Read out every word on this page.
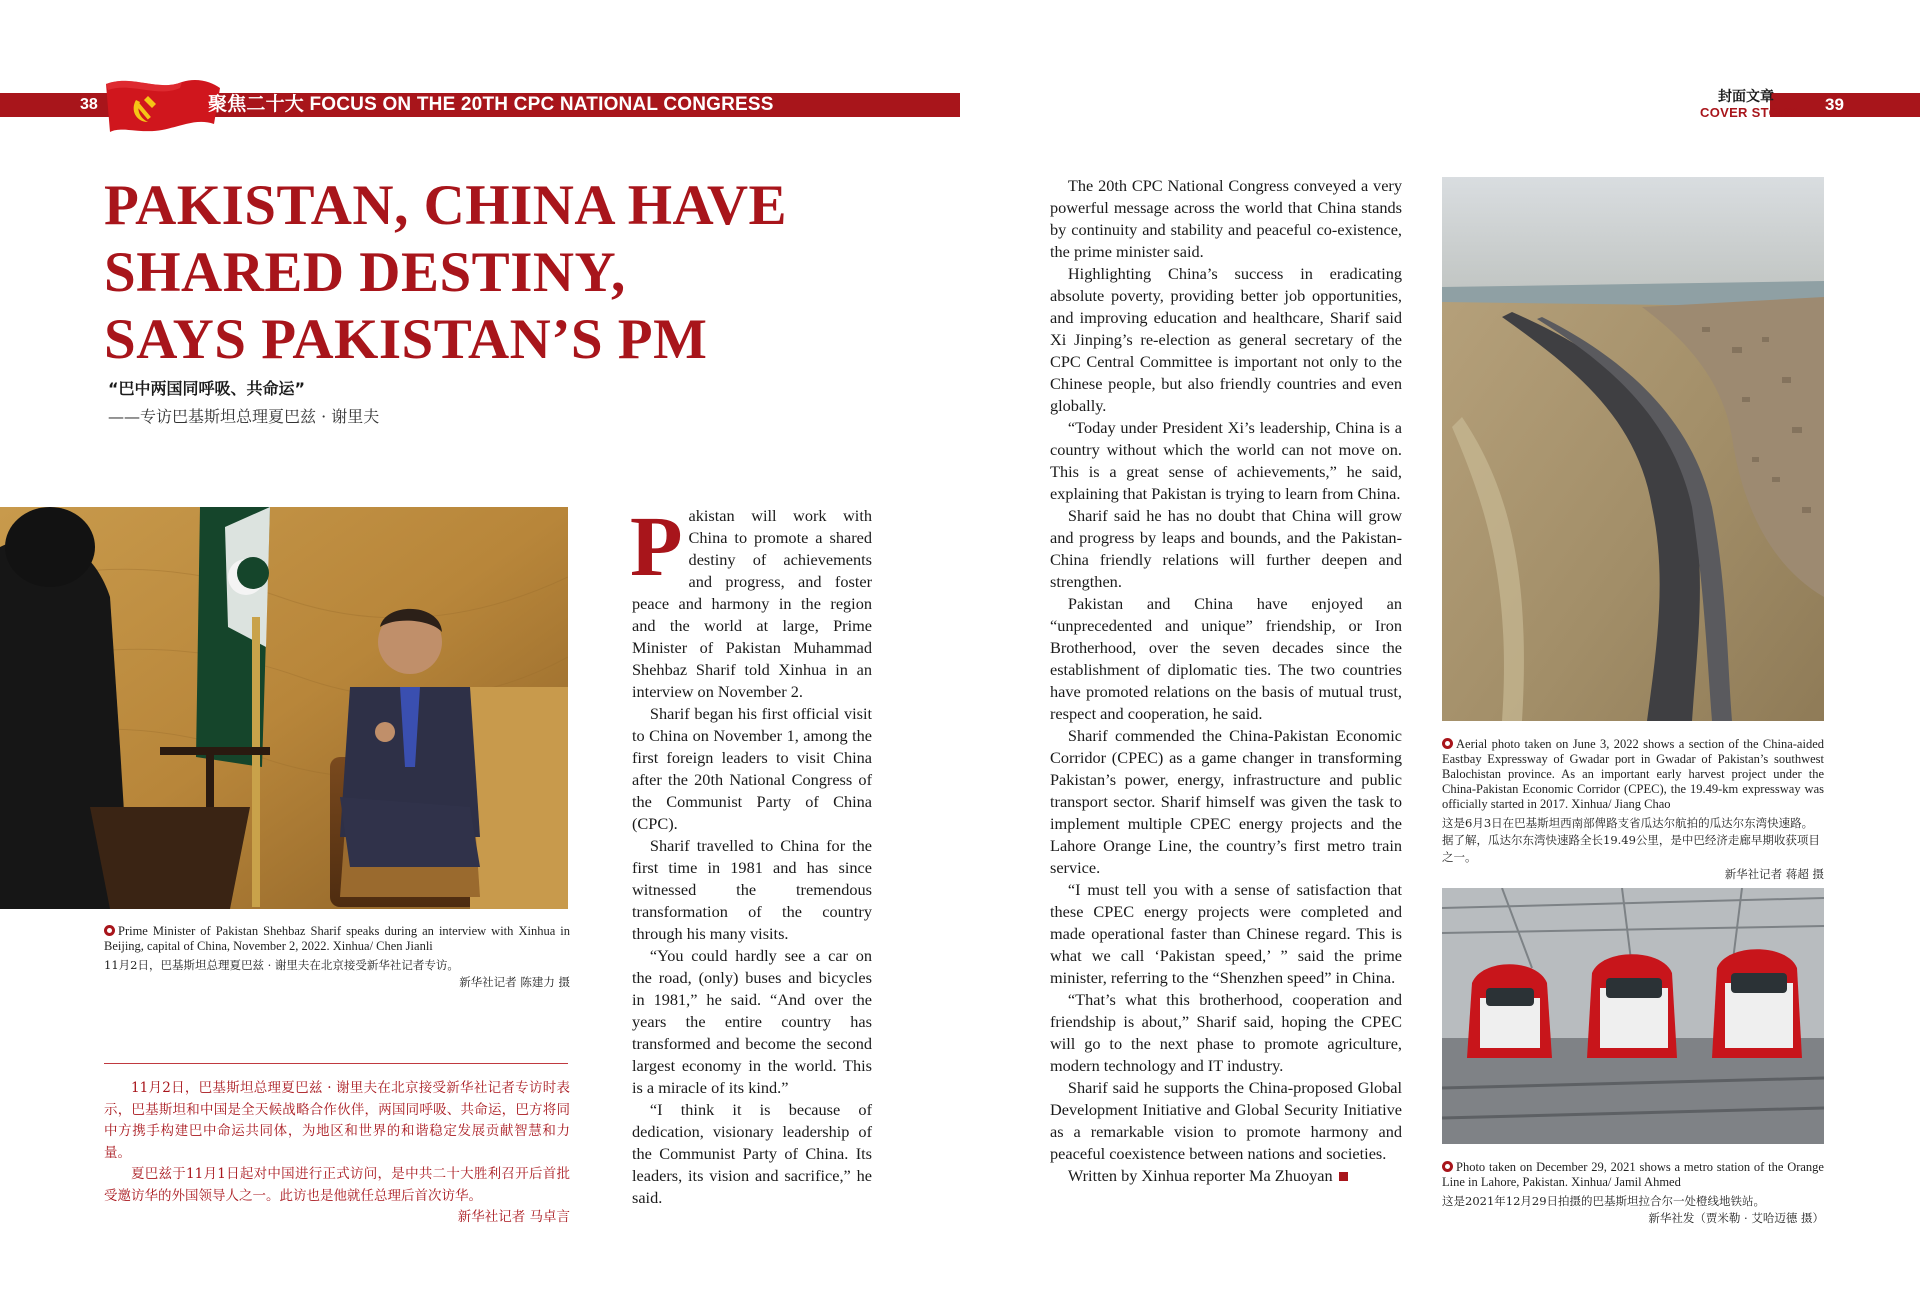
38	39
聚焦二十大 FOCUS ON THE 20TH CPC NATIONAL CONGRESS	封面文章
COVER STORY
PAKISTAN, CHINA HAVE
SHARED DESTINY,
SAYS PAKISTAN’S PM
“巴中两国同呼吸、共命运”
——专访巴基斯坦总理夏巴兹 · 谢里夫
Prime Minister of Pakistan Shehbaz Sharif speaks during an interview with Xinhua in Beijing, capital of China, November 2, 2022. Xinhua/ Chen Jianli
11月2日，巴基斯坦总理夏巴兹 · 谢里夫在北京接受新华社记者专访。
新华社记者 陈建力 摄

11月2日，巴基斯坦总理夏巴兹 · 谢里夫在北京接受新华社记者专访时表示，巴基斯坦和中国是全天候战略合作伙伴，两国同呼吸、共命运，巴方将同中方携手构建巴中命运共同体，为地区和世界的和谐稳定发展贡献智慧和力量。

夏巴兹于11月1日起对中国进行正式访问，是中共二十大胜利召开后首批受邀访华的外国领导人之一。此访也是他就任总理后首次访华。

新华社记者 马卓言

Pakistan will work with China to promote a shared destiny of achievements and progress, and foster peace and harmony in the region and the world at large, Prime Minister of Pakistan Muhammad Shehbaz Sharif told Xinhua in an interview on November 2.

Sharif began his first official visit to China on November 1, among the first foreign leaders to visit China after the 20th National Congress of the Communist Party of China (CPC).

Sharif travelled to China for the first time in 1981 and has since witnessed the tremendous transformation of the country through his many visits.

“You could hardly see a car on the road, (only) buses and bicycles in 1981,” he said. “And over the years the entire country has transformed and become the second largest economy in the world. This is a miracle of its kind.”

“I think it is because of dedication, visionary leadership of the Communist Party of China. Its leaders, its vision and sacrifice,” he said.

The 20th CPC National Congress conveyed a very powerful message across the world that China stands by continuity and stability and peaceful co-existence, the prime minister said.

Highlighting China’s success in eradicating absolute poverty, providing better job opportunities, and improving education and healthcare, Sharif said Xi Jinping’s re-election as general secretary of the CPC Central Committee is important not only to the Chinese people, but also friendly countries and even globally.

“Today under President Xi’s leadership, China is a country without which the world can not move on. This is a great sense of achievements,” he said, explaining that Pakistan is trying to learn from China.

Sharif said he has no doubt that China will grow and progress by leaps and bounds, and the Pakistan-China friendly relations will further deepen and strengthen.

Pakistan and China have enjoyed an “unprecedented and unique” friendship, or Iron Brotherhood, over the seven decades since the establishment of diplomatic ties. The two countries have promoted relations on the basis of mutual trust, respect and cooperation, he said.

Sharif commended the China-Pakistan Economic Corridor (CPEC) as a game changer in transforming Pakistan’s power, energy, infrastructure and public transport sector. Sharif himself was given the task to implement multiple CPEC energy projects and the Lahore Orange Line, the country’s first metro train service.

“I must tell you with a sense of satisfaction that these CPEC energy projects were completed and made operational faster than Chinese regard. This is what we call ‘Pakistan speed,’ ” said the prime minister, referring to the “Shenzhen speed” in China.

“That’s what this brotherhood, cooperation and friendship is about,” Sharif said, hoping the CPEC will go to the next phase to promote agriculture, modern technology and IT industry.

Sharif said he supports the China-proposed Global Development Initiative and Global Security Initiative as a remarkable vision to promote harmony and peaceful coexistence between nations and societies.

Written by Xinhua reporter Ma Zhuoyan

Aerial photo taken on June 3, 2022 shows a section of the China-aided Eastbay Expressway of Gwadar port in Gwadar of Pakistan’s southwest Balochistan province. As an important early harvest project under the China-Pakistan Economic Corridor (CPEC), the 19.49-km expressway was officially started in 2017. Xinhua/ Jiang Chao
这是6月3日在巴基斯坦西南部俾路支省瓜达尔航拍的瓜达尔东湾快速路。据了解，瓜达尔东湾快速路全长19.49公里，是中巴经济走廊早期收获项目之一。
新华社记者 蒋超 摄
Photo taken on December 29, 2021 shows a metro station of the Orange Line in Lahore, Pakistan. Xinhua/ Jamil Ahmed
这是2021年12月29日拍摄的巴基斯坦拉合尔一处橙线地铁站。
新华社发（贾米勒 · 艾哈迈德 摄）
